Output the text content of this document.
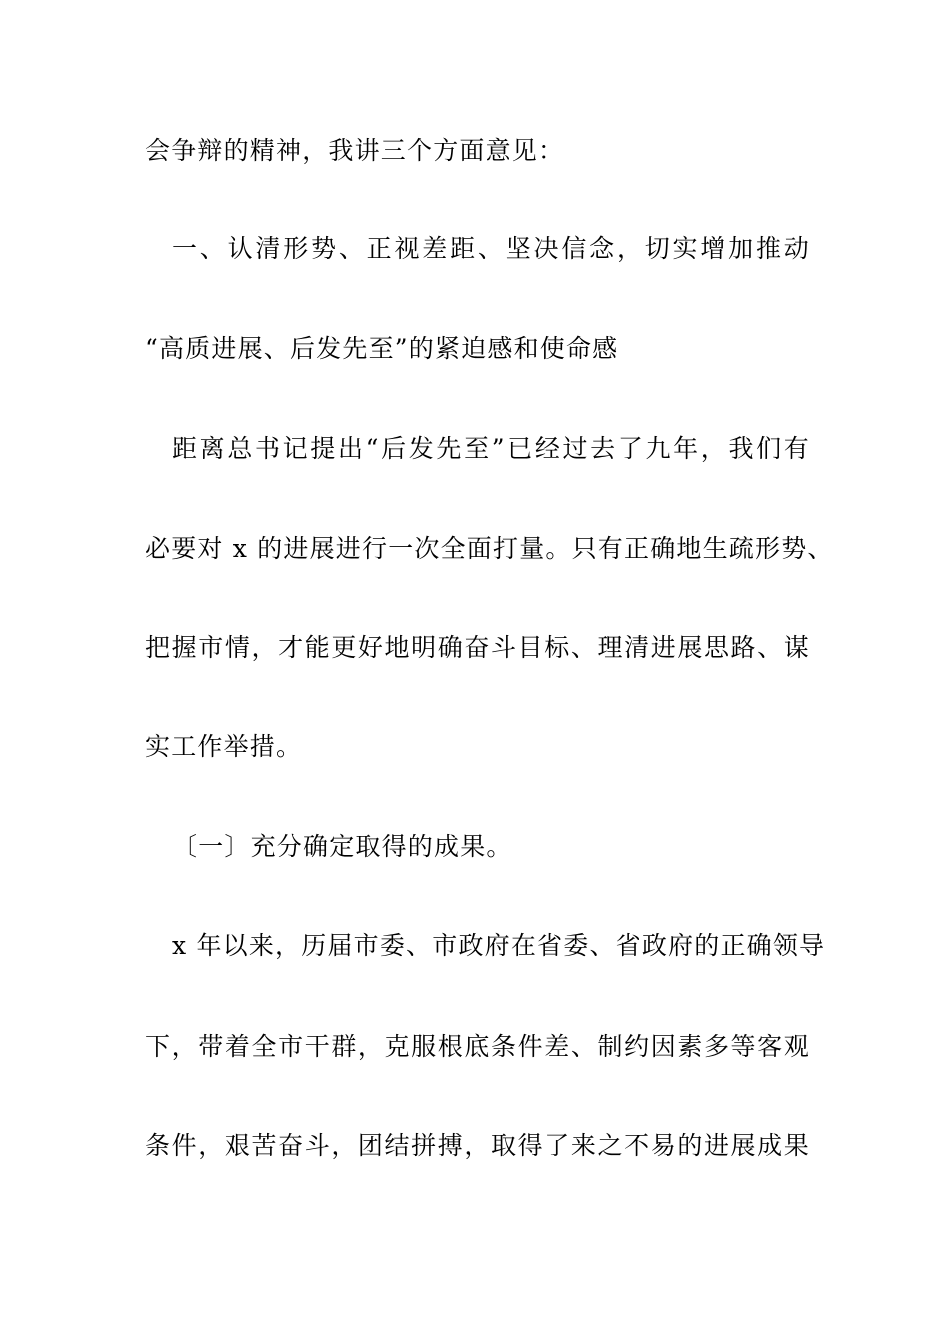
会争辩的精神，我讲三个方面意见：
一、认清形势、正视差距、坚决信念，切实增加推动
“高质进展、后发先至”的紧迫感和使命感
距离总书记提出“后发先至”已经过去了九年，我们有
必要对 x 的进展进行一次全面打量。只有正确地生疏形势、
把握市情，才能更好地明确奋斗目标、理清进展思路、谋
实工作举措。
〔一〕充分确定取得的成果。
x 年以来，历届市委、市政府在省委、省政府的正确领导
下，带着全市干群，克服根底条件差、制约因素多等客观
条件，艰苦奋斗，团结拼搏，取得了来之不易的进展成果
